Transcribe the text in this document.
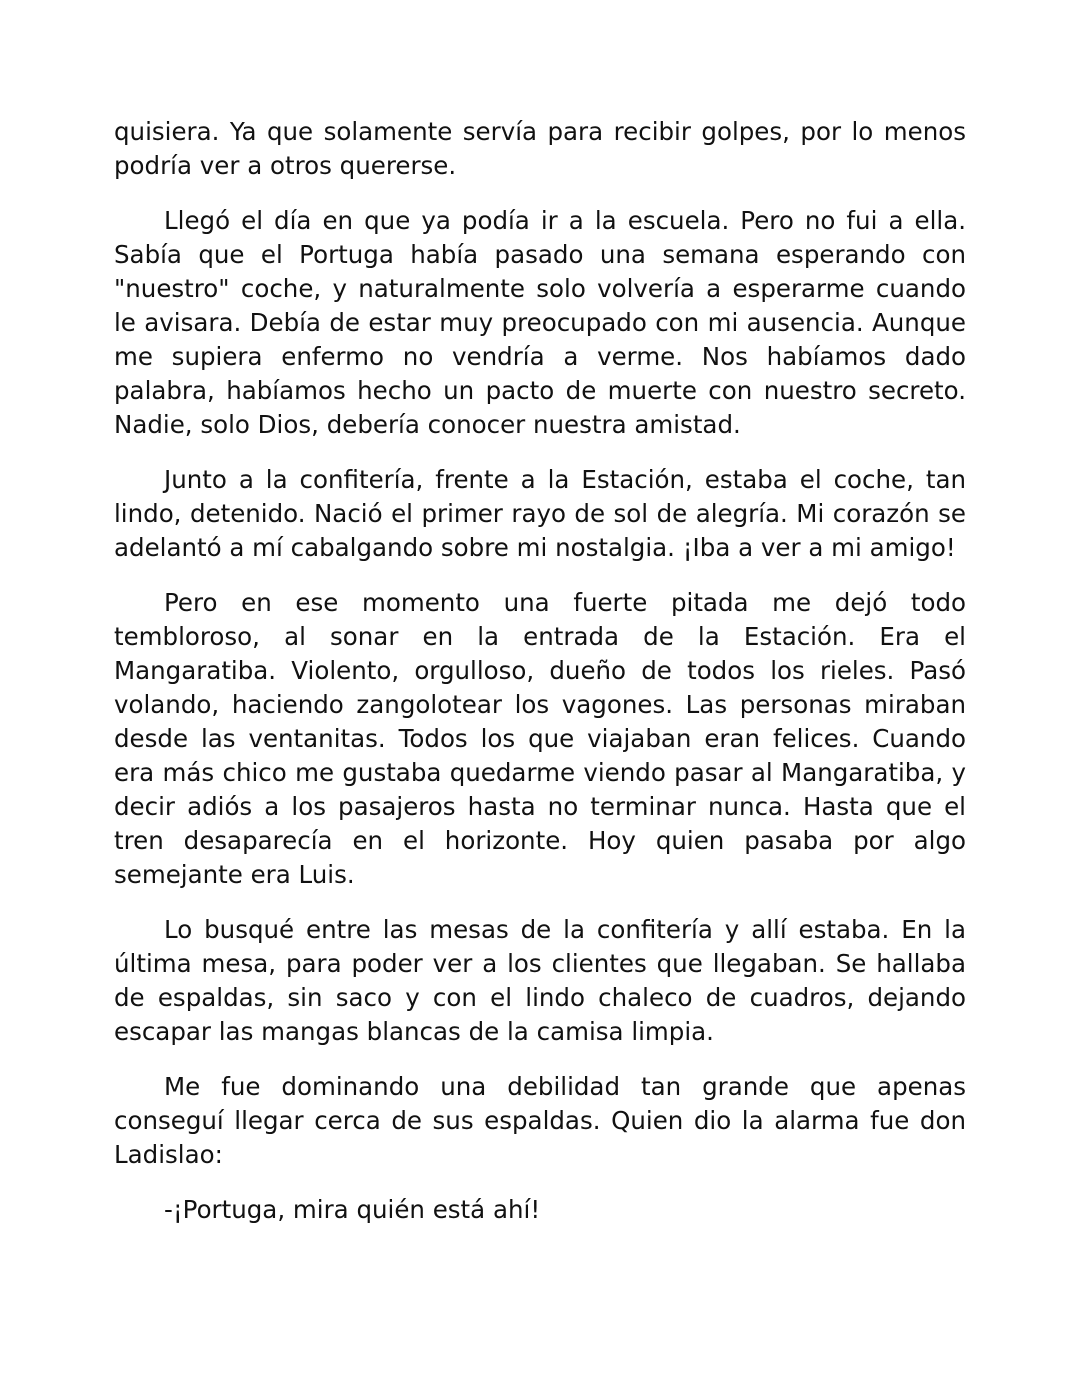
quisiera. Ya que solamente servía para recibir golpes, por lo menos podría ver a otros quererse.

Llegó el día en que ya podía ir a la escuela. Pero no fui a ella. Sabía que el Portuga había pasado una semana esperando con "nuestro" coche, y naturalmente solo volvería a esperarme cuando le avisara. Debía de estar muy preocupado con mi ausencia. Aunque me supiera enfermo no vendría a verme. Nos habíamos dado palabra, habíamos hecho un pacto de muerte con nuestro secreto. Nadie, solo Dios, debería conocer nuestra amistad.

Junto a la confitería, frente a la Estación, estaba el coche, tan lindo, detenido. Nació el primer rayo de sol de alegría. Mi corazón se adelantó a mí cabalgando sobre mi nostalgia. ¡Iba a ver a mi amigo!

Pero en ese momento una fuerte pitada me dejó todo tembloroso, al sonar en la entrada de la Estación. Era el Mangaratiba. Violento, orgulloso, dueño de todos los rieles. Pasó volando, haciendo zangolotear los vagones. Las personas miraban desde las ventanitas. Todos los que viajaban eran felices. Cuando era más chico me gustaba quedarme viendo pasar al Mangaratiba, y decir adiós a los pasajeros hasta no terminar nunca. Hasta que el tren desaparecía en el horizonte. Hoy quien pasaba por algo semejante era Luis.

Lo busqué entre las mesas de la confitería y allí estaba. En la última mesa, para poder ver a los clientes que llegaban. Se hallaba de espaldas, sin saco y con el lindo chaleco de cuadros, dejando escapar las mangas blancas de la camisa limpia.

Me fue dominando una debilidad tan grande que apenas conseguí llegar cerca de sus espaldas. Quien dio la alarma fue don Ladislao:

-¡Portuga, mira quién está ahí!
